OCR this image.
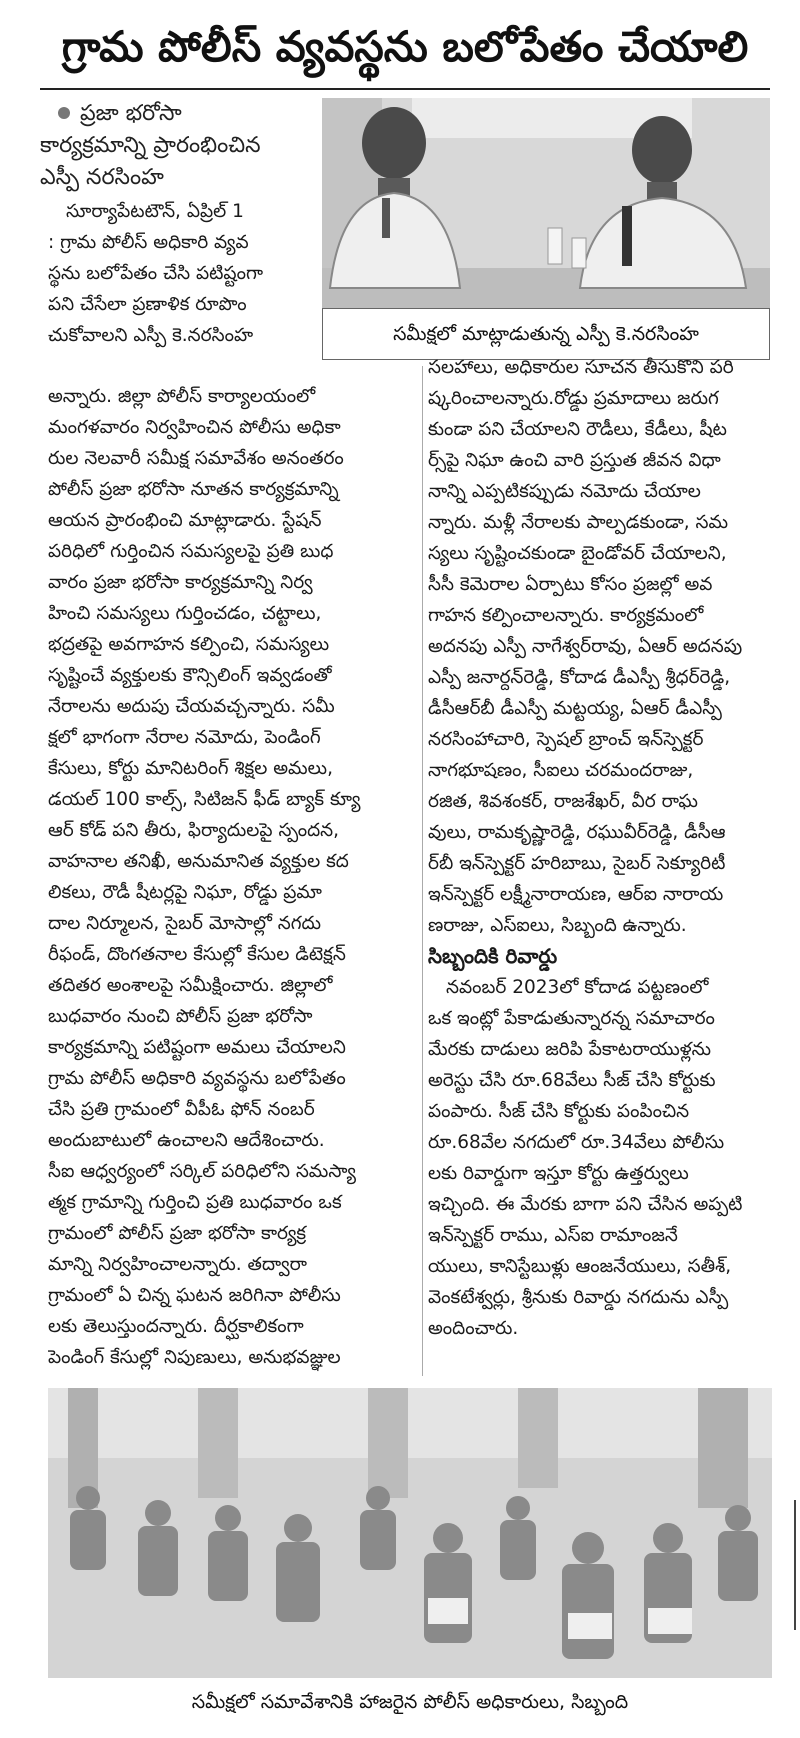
గ్రామ పోలీస్ వ్యవస్థను బలోపేతం చేయాలి
ప్రజా భరోసా
కార్యక్రమాన్ని ప్రారంభించిన
ఎస్పీ నరసింహ
సమీక్షలో మాట్లాడుతున్న ఎస్పీ కె.నరసింహ
సూర్యాపేటటౌన్, ఏప్రిల్ 1
: గ్రామ పోలీస్ అధికారి వ్యవ
స్థను బలోపేతం చేసి పటిష్టంగా
పని చేసేలా ప్రణాళిక రూపొం
చుకోవాలని ఎస్పీ కె.నరసింహ
అన్నారు. జిల్లా పోలీస్ కార్యాలయంలో
మంగళవారం నిర్వహించిన పోలీసు అధికా
రుల నెలవారీ సమీక్ష సమావేశం అనంతరం
పోలీస్ ప్రజా భరోసా నూతన కార్యక్రమాన్ని
ఆయన ప్రారంభించి మాట్లాడారు. స్టేషన్
పరిధిలో గుర్తించిన సమస్యలపై ప్రతి బుధ
వారం ప్రజా భరోసా కార్యక్రమాన్ని నిర్వ
హించి సమస్యలు గుర్తించడం, చట్టాలు,
భద్రతపై అవగాహన కల్పించి, సమస్యలు
సృష్టించే వ్యక్తులకు కౌన్సిలింగ్ ఇవ్వడంతో
నేరాలను అదుపు చేయవచ్చన్నారు. సమీ
క్షలో భాగంగా నేరాల నమోదు, పెండింగ్
కేసులు, కోర్టు మానిటరింగ్ శిక్షల అమలు,
డయల్ 100 కాల్స్, సిటిజన్ ఫీడ్ బ్యాక్ క్యూ
ఆర్ కోడ్ పని తీరు, ఫిర్యాదులపై స్పందన,
వాహనాల తనిఖీ, అనుమానిత వ్యక్తుల కద
లికలు, రౌడీ షీటర్లపై నిఘా, రోడ్డు ప్రమా
దాల నిర్మూలన, సైబర్ మోసాల్లో నగదు
రీఫండ్, దొంగతనాల కేసుల్లో కేసుల డిటెక్షన్
తదితర అంశాలపై సమీక్షించారు. జిల్లాలో
బుధవారం నుంచి పోలీస్ ప్రజా భరోసా
కార్యక్రమాన్ని పటిష్టంగా అమలు చేయాలని
గ్రామ పోలీస్ అధికారి వ్యవస్థను బలోపేతం
చేసి ప్రతి గ్రామంలో వీపీఓ ఫోన్ నంబర్
అందుబాటులో ఉంచాలని ఆదేశించారు.
సీఐ ఆధ్వర్యంలో సర్కిల్ పరిధిలోని సమస్యా
త్మక గ్రామాన్ని గుర్తించి ప్రతి బుధవారం ఒక
గ్రామంలో పోలీస్ ప్రజా భరోసా కార్యక్ర
మాన్ని నిర్వహించాలన్నారు. తద్వారా
గ్రామంలో ఏ చిన్న ఘటన జరిగినా పోలీసు
లకు తెలుస్తుందన్నారు. దీర్ఘకాలికంగా
పెండింగ్ కేసుల్లో నిపుణులు, అనుభవజ్ఞుల
సలహాలు, అధికారుల సూచన తీసుకొని పరి
ష్కరించాలన్నారు.రోడ్డు ప్రమాదాలు జరుగ
కుండా పని చేయాలని రౌడీలు, కేడీలు, షీట
ర్స్‌పై నిఘా ఉంచి వారి ప్రస్తుత జీవన విధా
నాన్ని ఎప్పటికప్పుడు నమోదు చేయాల
న్నారు. మళ్లీ నేరాలకు పాల్పడకుండా, సమ
స్యలు సృష్టించకుండా బైండోవర్ చేయాలని,
సీసీ కెమెరాల ఏర్పాటు కోసం ప్రజల్లో అవ
గాహన కల్పించాలన్నారు. కార్యక్రమంలో
అదనపు ఎస్పీ నాగేశ్వర్‌రావు, ఏఆర్ అదనపు
ఎస్పీ జనార్దన్‌రెడ్డి, కోదాడ డీఎస్పీ శ్రీధర్‌రెడ్డి,
డీసీఆర్‌బీ డీఎస్పీ మట్టయ్య, ఏఆర్ డీఎస్పీ
నరసింహాచారి, స్పెషల్ బ్రాంచ్ ఇన్‌స్పెక్టర్
నాగభూషణం, సీఐలు చరమందరాజు,
రజిత, శివశంకర్, రాజశేఖర్, వీర రాఘ
వులు, రామకృష్ణారెడ్డి, రఘువీర్‌రెడ్డి, డీసీఆ
ర్‌బీ ఇన్‌స్పెక్టర్ హరిబాబు, సైబర్ సెక్యూరిటీ
ఇన్‌స్పెక్టర్ లక్ష్మీనారాయణ, ఆర్‌ఐ నారాయ
ణరాజు, ఎస్‌ఐలు, సిబ్బంది ఉన్నారు.
సిబ్బందికి రివార్డు
నవంబర్ 2023లో కోదాడ పట్టణంలో
ఒక ఇంట్లో పేకాడుతున్నారన్న సమాచారం
మేరకు దాడులు జరిపి పేకాటరాయుళ్లను
అరెస్టు చేసి రూ.68వేలు సీజ్ చేసి కోర్టుకు
పంపారు. సీజ్ చేసి కోర్టుకు పంపించిన
రూ.68వేల నగదులో రూ.34వేలు పోలీసు
లకు రివార్డుగా ఇస్తూ కోర్టు ఉత్తర్వులు
ఇచ్చింది. ఈ మేరకు బాగా పని చేసిన అప్పటి
ఇన్‌స్పెక్టర్ రాము, ఎస్‌ఐ రామాంజనే
యులు, కానిస్టేబుళ్లు ఆంజనేయులు, సతీశ్,
వెంకటేశ్వర్లు, శ్రీనుకు రివార్డు నగదును ఎస్పీ
అందించారు.
సమీక్షలో సమావేశానికి హాజరైన పోలీస్ అధికారులు, సిబ్బంది
